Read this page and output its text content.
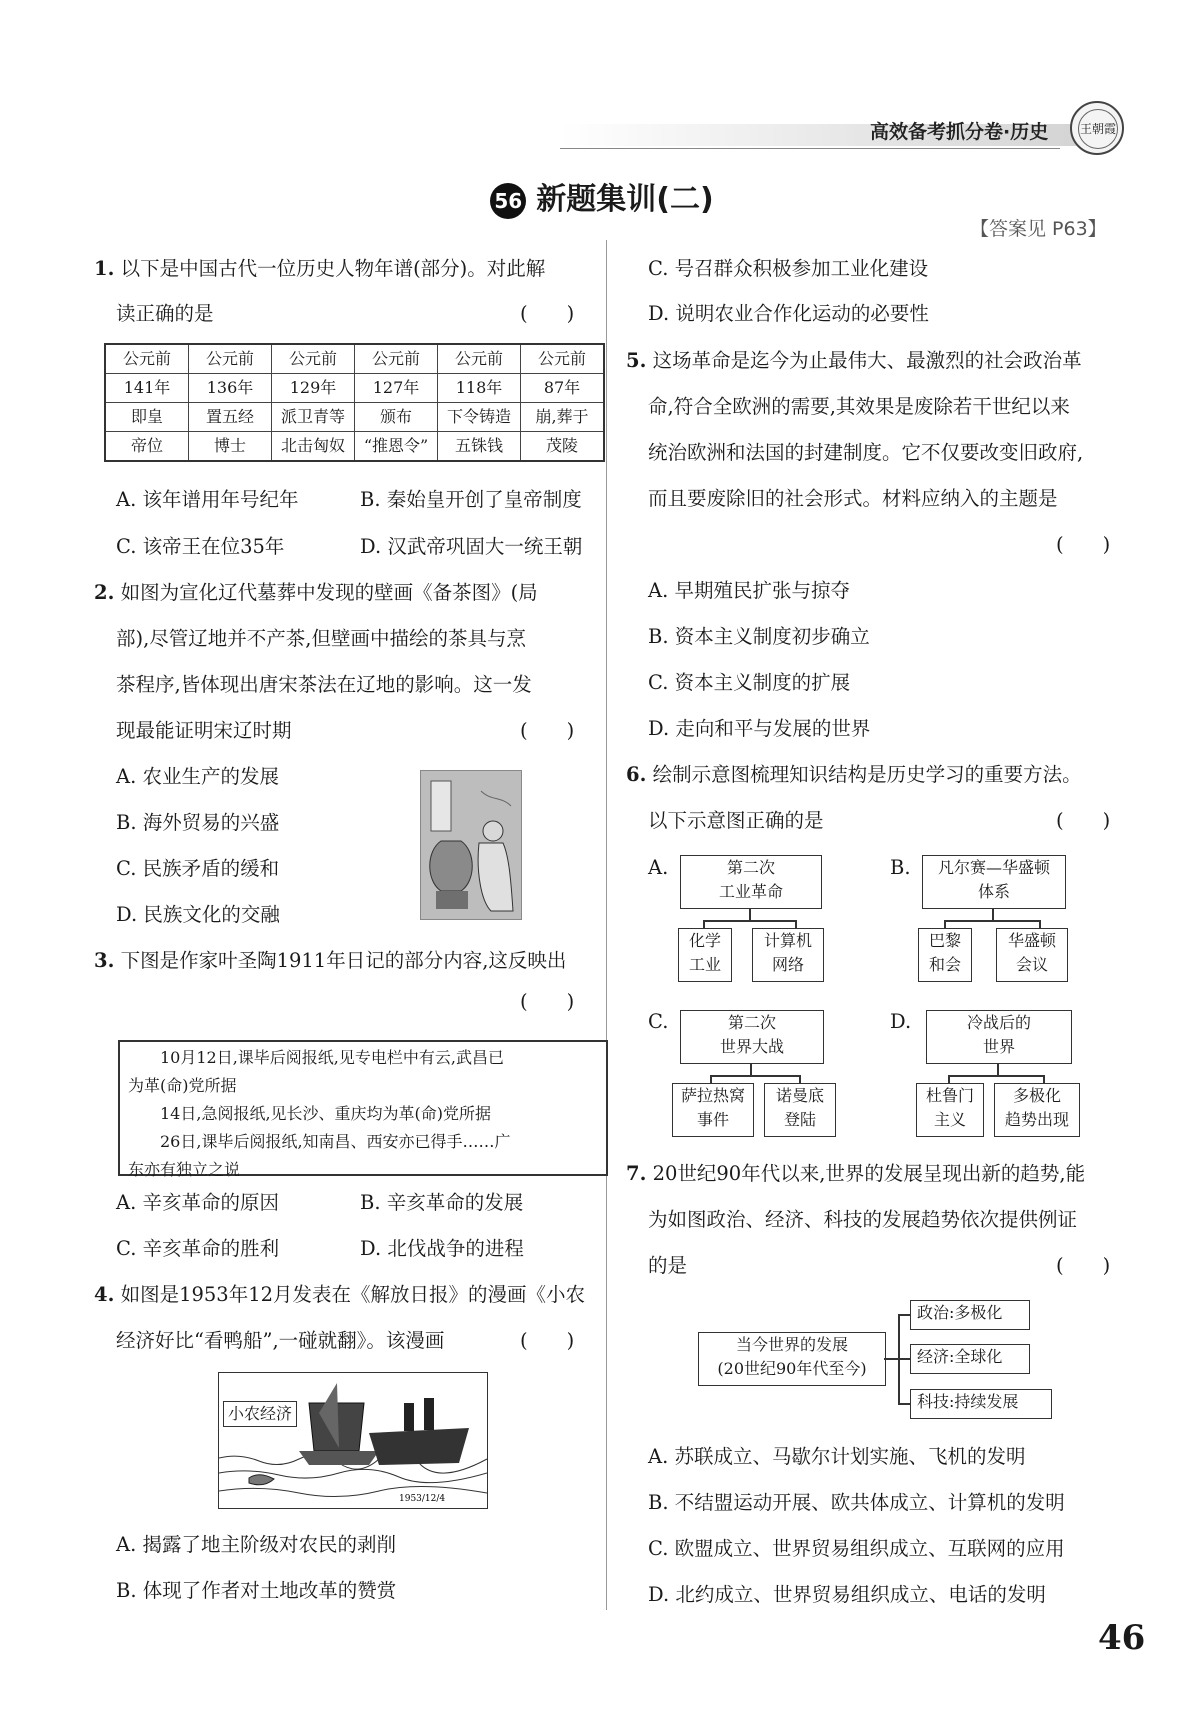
高效备考抓分卷·历史	王朝霞
56 新题集训(二)
【答案见 P63】
1. 以下是中国古代一位历史人物年谱(部分)。对此解
读正确的是	(　　)
公元前	公元前	公元前	公元前	公元前	公元前
141年	136年	129年	127年	118年	87年
即皇	置五经	派卫青等	颁布	下令铸造	崩,葬于
帝位	博士	北击匈奴	“推恩令”	五铢钱	茂陵
A. 该年谱用年号纪年	B. 秦始皇开创了皇帝制度
C. 该帝王在位35年	D. 汉武帝巩固大一统王朝
2. 如图为宣化辽代墓葬中发现的壁画《备茶图》(局
部),尽管辽地并不产茶,但壁画中描绘的茶具与烹
茶程序,皆体现出唐宋茶法在辽地的影响。这一发
现最能证明宋辽时期	(　　)
A. 农业生产的发展
B. 海外贸易的兴盛
C. 民族矛盾的缓和
D. 民族文化的交融
3. 下图是作家叶圣陶1911年日记的部分内容,这反映出
(　　)
　　10月12日,课毕后阅报纸,见专电栏中有云,武昌已
为革(命)党所据
　　14日,急阅报纸,见长沙、重庆均为革(命)党所据
　　26日,课毕后阅报纸,知南昌、西安亦已得手……广
东亦有独立之说
A. 辛亥革命的原因	B. 辛亥革命的发展
C. 辛亥革命的胜利	D. 北伐战争的进程
4. 如图是1953年12月发表在《解放日报》的漫画《小农
经济好比“看鸭船”,一碰就翻》。该漫画	(　　)
1953/12/4
小农经济
A. 揭露了地主阶级对农民的剥削
B. 体现了作者对土地改革的赞赏
C. 号召群众积极参加工业化建设
D. 说明农业合作化运动的必要性
5. 这场革命是迄今为止最伟大、最激烈的社会政治革
命,符合全欧洲的需要,其效果是废除若干世纪以来
统治欧洲和法国的封建制度。它不仅要改变旧政府,
而且要废除旧的社会形式。材料应纳入的主题是
(　　)
A. 早期殖民扩张与掠夺
B. 资本主义制度初步确立
C. 资本主义制度的扩展
D. 走向和平与发展的世界
6. 绘制示意图梳理知识结构是历史学习的重要方法。
以下示意图正确的是	(　　)
A.	第二次
工业革命
化学
工业
计算机
网络
B.	凡尔赛—华盛顿
体系
巴黎
和会
华盛顿
会议
C.	第二次
世界大战
萨拉热窝
事件
诺曼底
登陆
D.	冷战后的
世界
杜鲁门
主义
多极化
趋势出现
7. 20世纪90年代以来,世界的发展呈现出新的趋势,能
为如图政治、经济、科技的发展趋势依次提供例证
的是	(　　)
当今世界的发展
(20世纪90年代至今)
政治:多极化
经济:全球化
科技:持续发展
A. 苏联成立、马歇尔计划实施、飞机的发明
B. 不结盟运动开展、欧共体成立、计算机的发明
C. 欧盟成立、世界贸易组织成立、互联网的应用
D. 北约成立、世界贸易组织成立、电话的发明
46
